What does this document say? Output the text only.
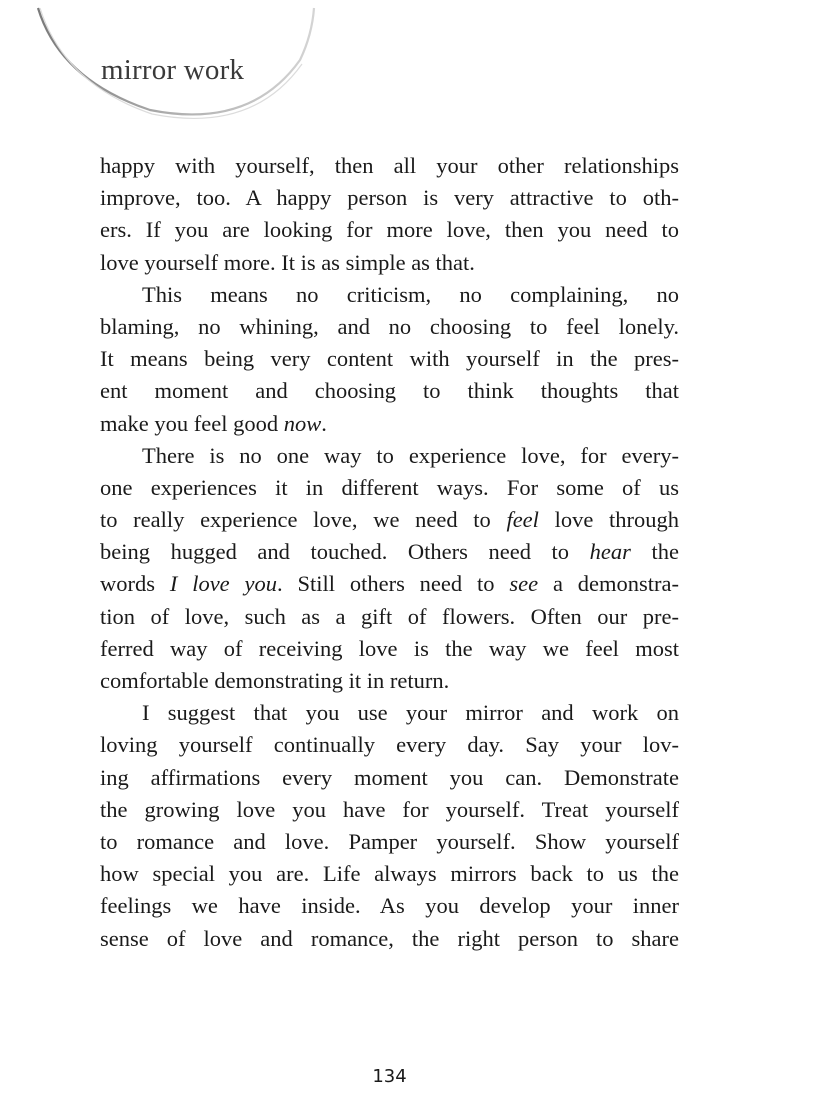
mirror work
happy with yourself, then all your other relationships
improve, too. A happy person is very attractive to oth-
ers. If you are looking for more love, then you need to
love yourself more. It is as simple as that.
This means no criticism, no complaining, no
blaming, no whining, and no choosing to feel lonely.
It means being very content with yourself in the pres-
ent moment and choosing to think thoughts that
make you feel good now.
There is no one way to experience love, for every-
one experiences it in different ways. For some of us
to really experience love, we need to feel love through
being hugged and touched. Others need to hear the
words I love you. Still others need to see a demonstra-
tion of love, such as a gift of flowers. Often our pre-
ferred way of receiving love is the way we feel most
comfortable demonstrating it in return.
I suggest that you use your mirror and work on
loving yourself continually every day. Say your lov-
ing affirmations every moment you can. Demonstrate
the growing love you have for yourself. Treat yourself
to romance and love. Pamper yourself. Show yourself
how special you are. Life always mirrors back to us the
feelings we have inside. As you develop your inner
sense of love and romance, the right person to share

134
